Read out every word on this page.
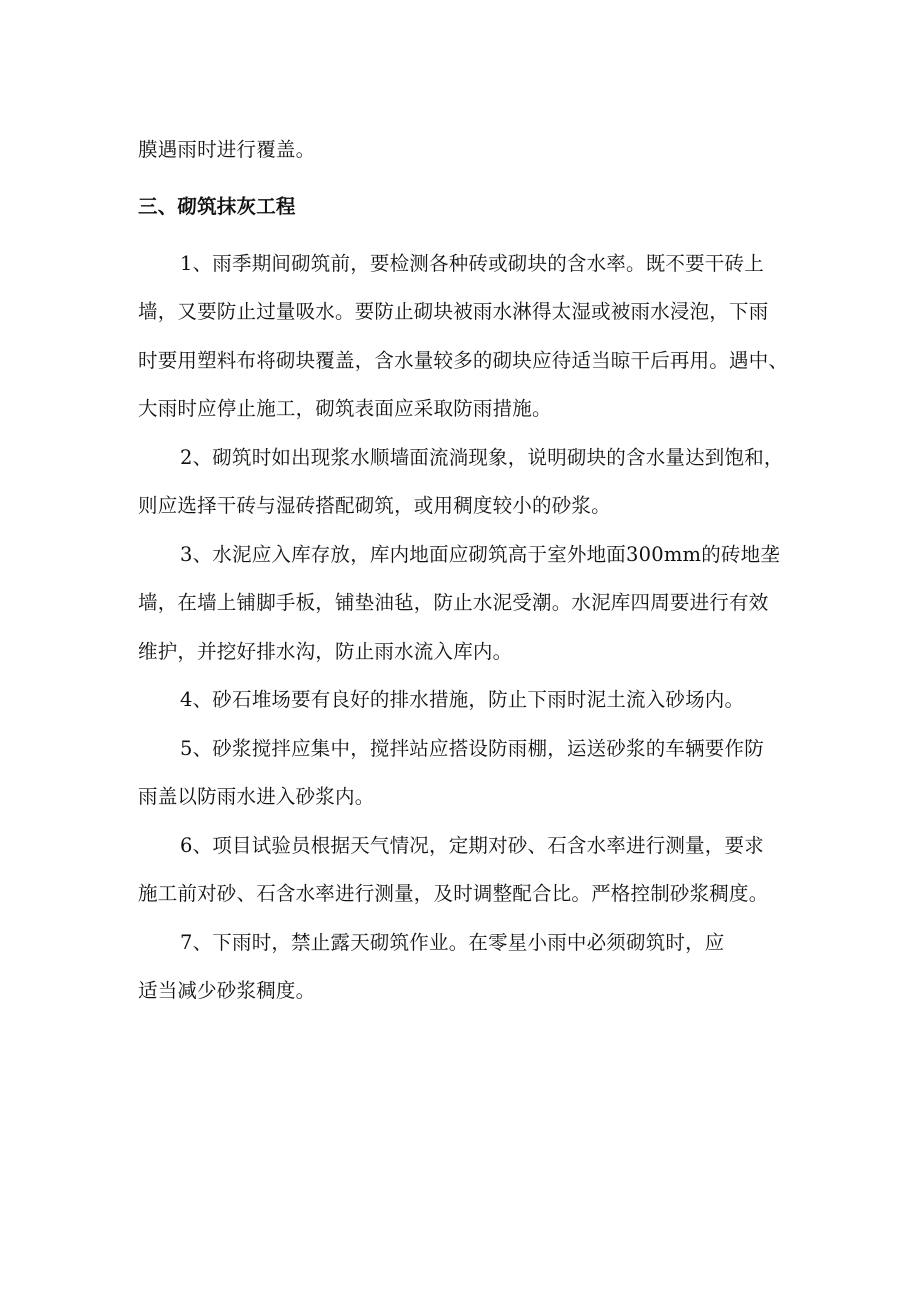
膜遇雨时进行覆盖。
三、砌筑抹灰工程
1、雨季期间砌筑前，要检测各种砖或砌块的含水率。既不要干砖上
墙，又要防止过量吸水。要防止砌块被雨水淋得太湿或被雨水浸泡，下雨
时要用塑料布将砌块覆盖，含水量较多的砌块应待适当晾干后再用。遇中、
大雨时应停止施工，砌筑表面应采取防雨措施。
2、砌筑时如出现浆水顺墙面流淌现象，说明砌块的含水量达到饱和，
则应选择干砖与湿砖搭配砌筑，或用稠度较小的砂浆。
3、水泥应入库存放，库内地面应砌筑高于室外地面300mm的砖地垄
墙，在墙上铺脚手板，铺垫油毡，防止水泥受潮。水泥库四周要进行有效
维护，并挖好排水沟，防止雨水流入库内。
4、砂石堆场要有良好的排水措施，防止下雨时泥土流入砂场内。
5、砂浆搅拌应集中，搅拌站应搭设防雨棚，运送砂浆的车辆要作防
雨盖以防雨水进入砂浆内。
6、项目试验员根据天气情况，定期对砂、石含水率进行测量，要求
施工前对砂、石含水率进行测量，及时调整配合比。严格控制砂浆稠度。
7、下雨时，禁止露天砌筑作业。在零星小雨中必须砌筑时，应
适当减少砂浆稠度。
